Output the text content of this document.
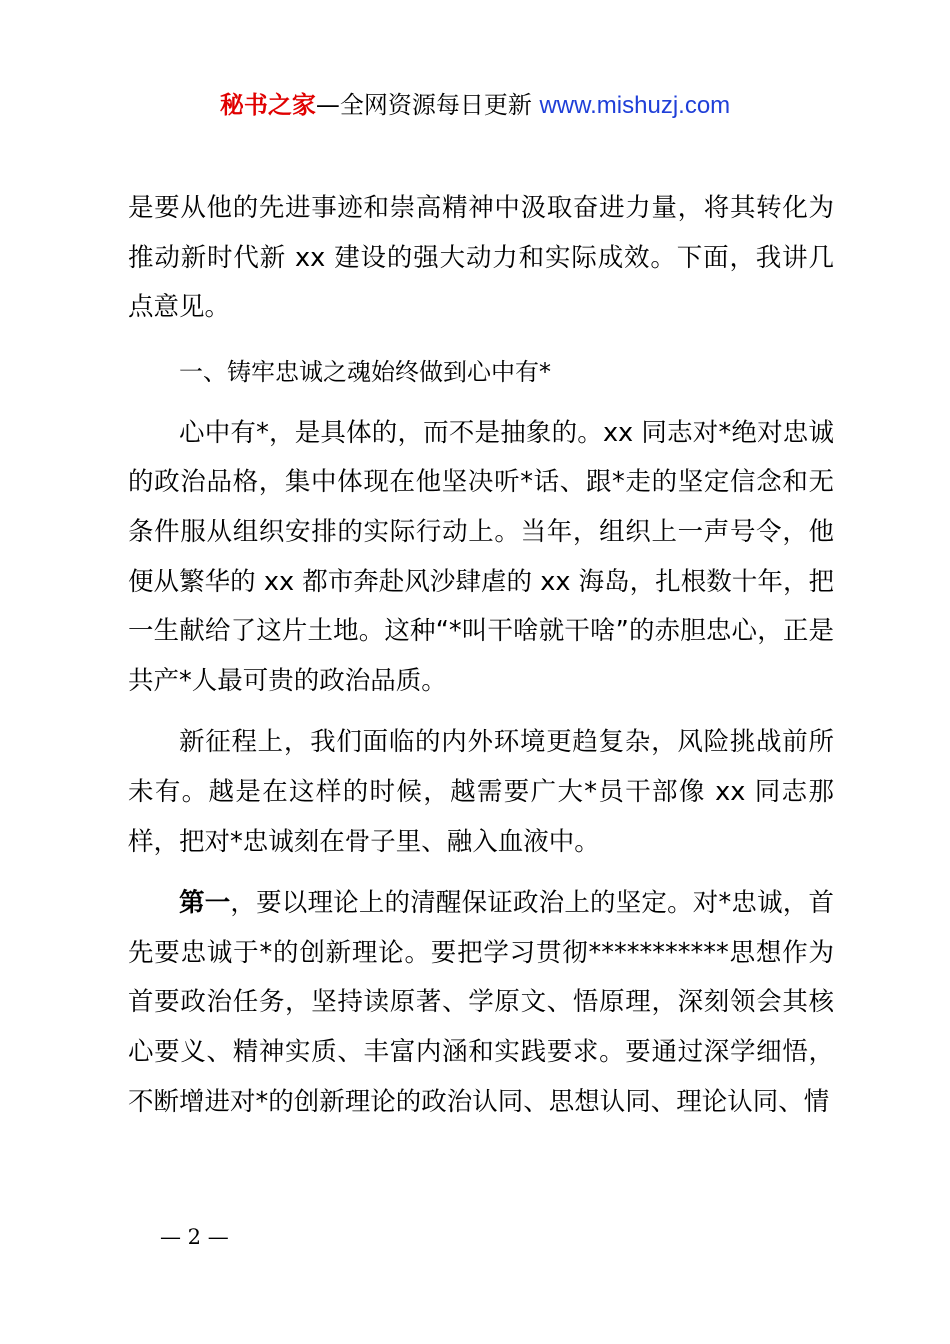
秘书之家—全网资源每日更新 www.mishuzj.com

是要从他的先进事迹和崇高精神中汲取奋进力量，将其转化为推动新时代新 xx 建设的强大动力和实际成效。下面，我讲几点意见。

一、铸牢忠诚之魂始终做到心中有*

心中有*，是具体的，而不是抽象的。xx 同志对*绝对忠诚的政治品格，集中体现在他坚决听*话、跟*走的坚定信念和无条件服从组织安排的实际行动上。当年，组织上一声号令，他便从繁华的 xx 都市奔赴风沙肆虐的 xx 海岛，扎根数十年，把一生献给了这片土地。这种“*叫干啥就干啥”的赤胆忠心，正是共产*人最可贵的政治品质。

新征程上，我们面临的内外环境更趋复杂，风险挑战前所未有。越是在这样的时候，越需要广大*员干部像 xx 同志那样，把对*忠诚刻在骨子里、融入血液中。

第一，要以理论上的清醒保证政治上的坚定。对*忠诚，首先要忠诚于*的创新理论。要把学习贯彻***********思想作为首要政治任务，坚持读原著、学原文、悟原理，深刻领会其核心要义、精神实质、丰富内涵和实践要求。要通过深学细悟，不断增进对*的创新理论的政治认同、思想认同、理论认同、情

— 2 —
